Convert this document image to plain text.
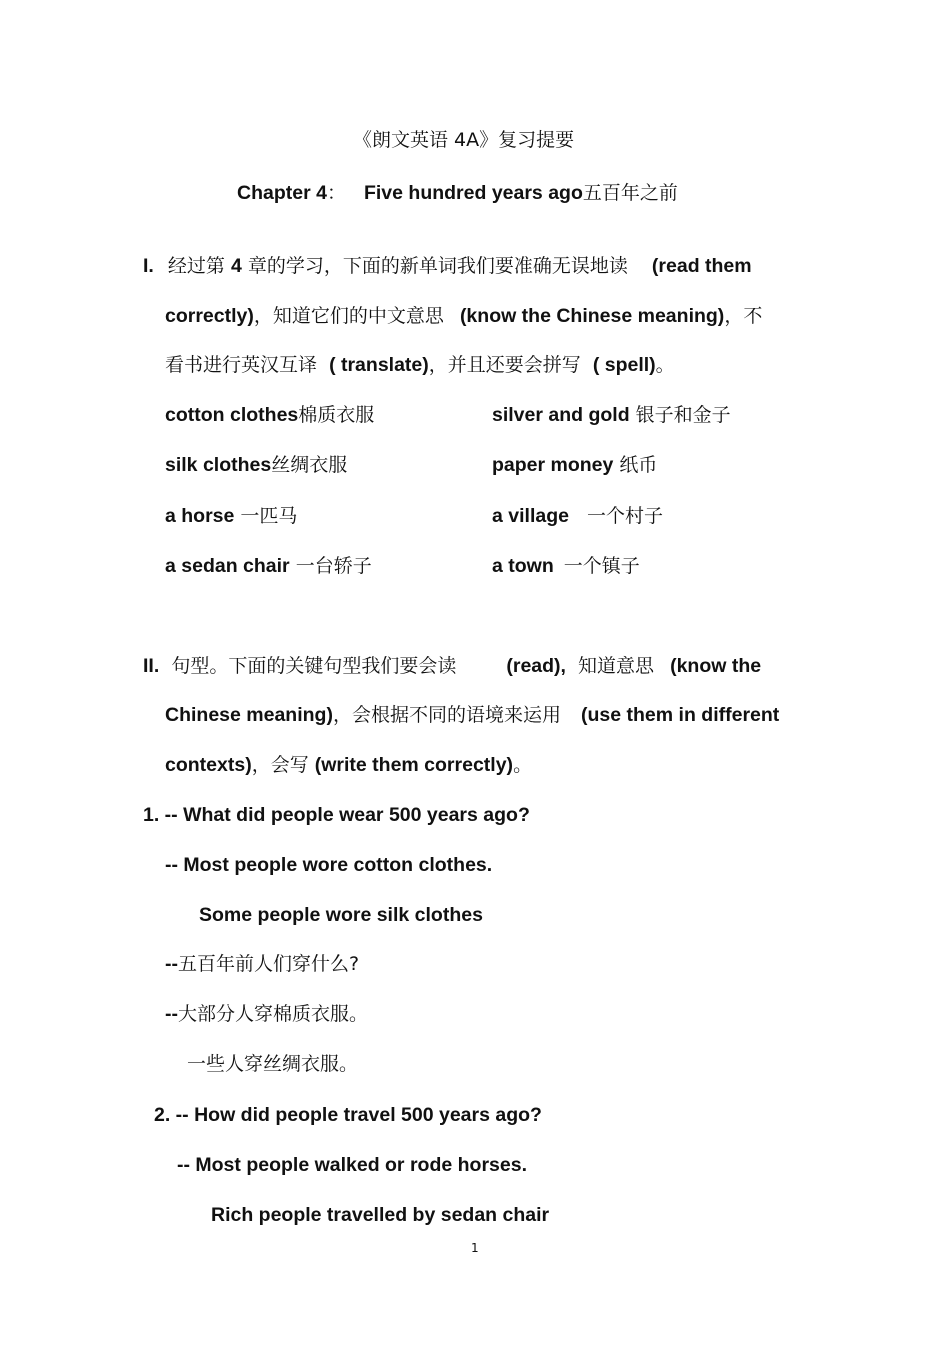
《朗文英语 4A》复习提要
Chapter 4： Five hundred years ago五百年之前
I. 经过第 4 章的学习，下面的新单词我们要准确无误地读 (read them
correctly)，知道它们的中文意思 (know the Chinese meaning)，不
看书进行英汉互译 ( translate)，并且还要会拼写 ( spell)。
cotton clothes棉质衣服	silver and gold 银子和金子
silk clothes丝绸衣服	paper money 纸币
a horse 一匹马	a village 一个村子
a sedan chair 一台轿子	a town 一个镇子
II. 句型。下面的关键句型我们要会读	(read), 知道意思 (know the
Chinese meaning)，会根据不同的语境来运用 (use them in different
contexts)，会写 (write them correctly)。
1. -- What did people wear 500 years ago?
-- Most people wore cotton clothes.
Some people wore silk clothes
--五百年前人们穿什么?
--大部分人穿棉质衣服。
一些人穿丝绸衣服。
2. -- How did people travel 500 years ago?
-- Most people walked or rode horses.
Rich people travelled by sedan chair
1
